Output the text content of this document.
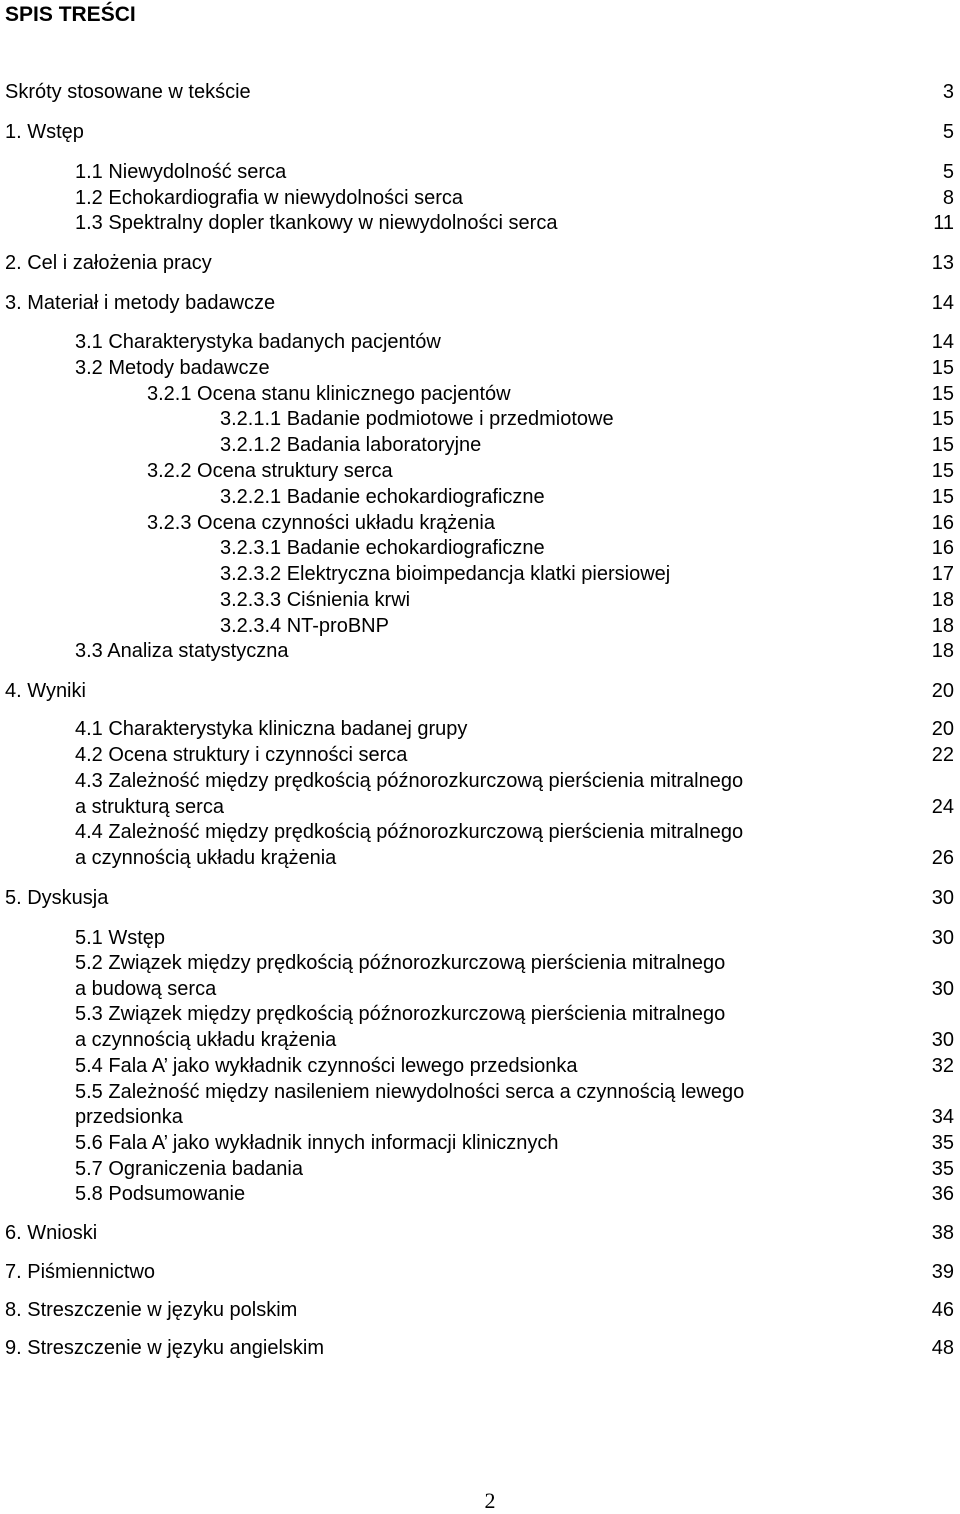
SPIS TREŚCI
Skróty stosowane w tekście	3
1. Wstęp	5
1.1 Niewydolność serca	5
1.2 Echokardiografia w niewydolności serca	8
1.3 Spektralny dopler tkankowy w niewydolności serca	11
2. Cel i założenia pracy	13
3. Materiał i metody badawcze	14
3.1 Charakterystyka badanych pacjentów	14
3.2 Metody badawcze	15
3.2.1 Ocena stanu klinicznego pacjentów	15
3.2.1.1 Badanie podmiotowe i przedmiotowe	15
3.2.1.2 Badania laboratoryjne	15
3.2.2 Ocena struktury serca	15
3.2.2.1 Badanie echokardiograficzne	15
3.2.3 Ocena czynności układu krążenia	16
3.2.3.1 Badanie echokardiograficzne	16
3.2.3.2 Elektryczna bioimpedancja klatki piersiowej	17
3.2.3.3 Ciśnienia krwi	18
3.2.3.4 NT-proBNP	18
3.3 Analiza statystyczna	18
4. Wyniki	20
4.1 Charakterystyka kliniczna badanej grupy	20
4.2 Ocena struktury i czynności serca	22
4.3 Zależność między prędkością późnorozkurczową pierścienia mitralnego
a strukturą serca	24
4.4 Zależność między prędkością późnorozkurczową pierścienia mitralnego
a czynnością układu krążenia	26
5. Dyskusja	30
5.1 Wstęp	30
5.2 Związek między prędkością późnorozkurczową pierścienia mitralnego
a budową serca	30
5.3 Związek między prędkością późnorozkurczową pierścienia mitralnego
a czynnością układu krążenia	30
5.4 Fala A’ jako wykładnik czynności lewego przedsionka	32
5.5 Zależność między nasileniem niewydolności serca a czynnością lewego
przedsionka	34
5.6 Fala A’ jako wykładnik innych informacji klinicznych	35
5.7 Ograniczenia badania	35
5.8 Podsumowanie	36
6. Wnioski	38
7. Piśmiennictwo	39
8. Streszczenie w języku polskim	46
9. Streszczenie w języku angielskim	48
2
